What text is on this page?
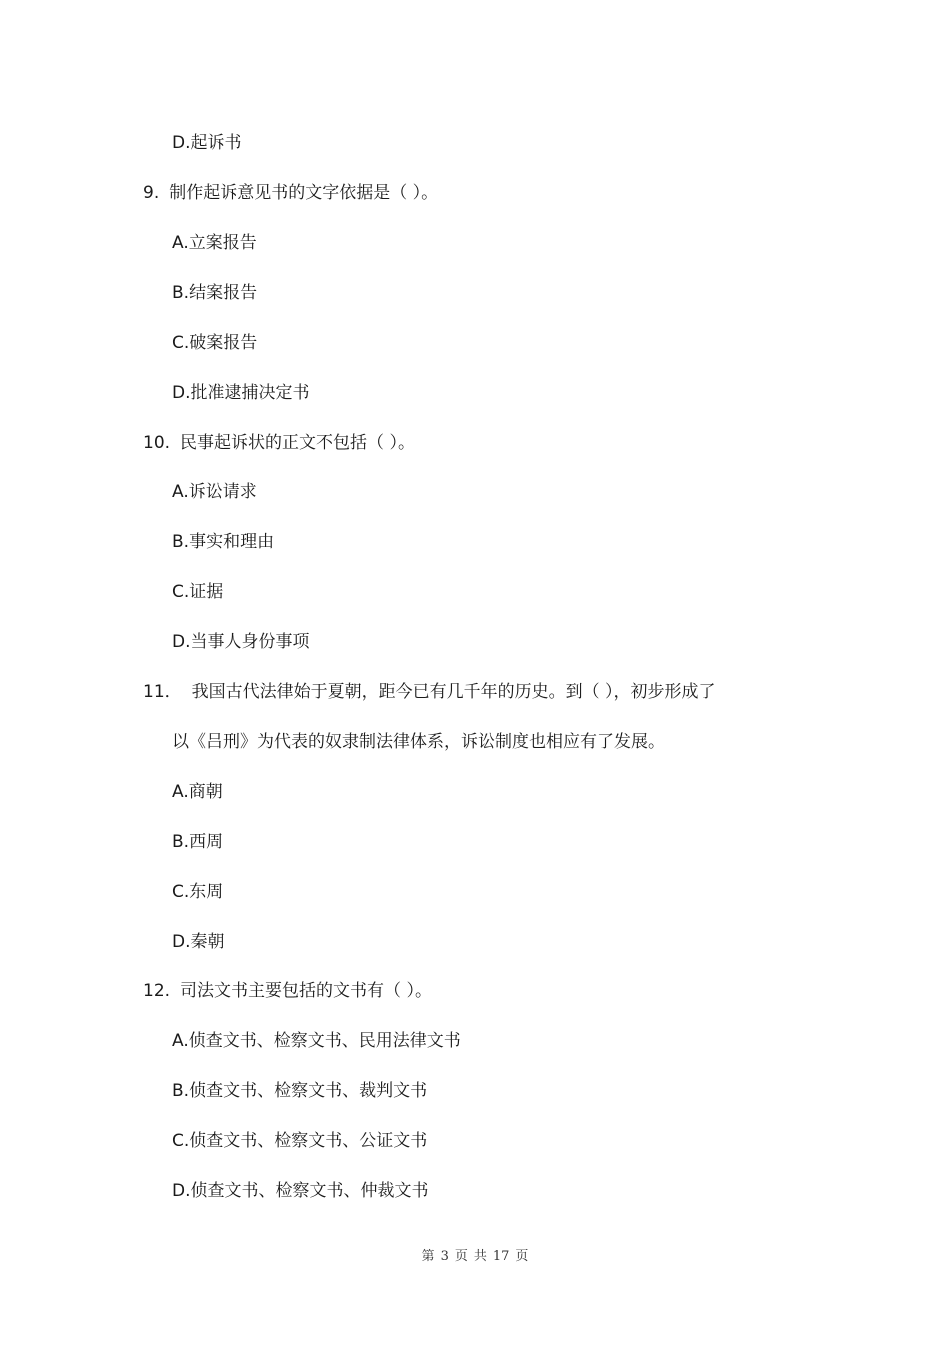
D.起诉书
9. 制作起诉意见书的文字依据是（ ）。
A.立案报告
B.结案报告
C.破案报告
D.批准逮捕决定书
10. 民事起诉状的正文不包括（ ）。
A.诉讼请求
B.事实和理由
C.证据
D.当事人身份事项
11． 我国古代法律始于夏朝，距今已有几千年的历史。到（ ），初步形成了
以《吕刑》为代表的奴隶制法律体系，诉讼制度也相应有了发展。
A.商朝
B.西周
C.东周
D.秦朝
12. 司法文书主要包括的文书有（ ）。
A.侦查文书、检察文书、民用法律文书
B.侦查文书、检察文书、裁判文书
C.侦查文书、检察文书、公证文书
D.侦查文书、检察文书、仲裁文书
第 3 页 共 17 页
